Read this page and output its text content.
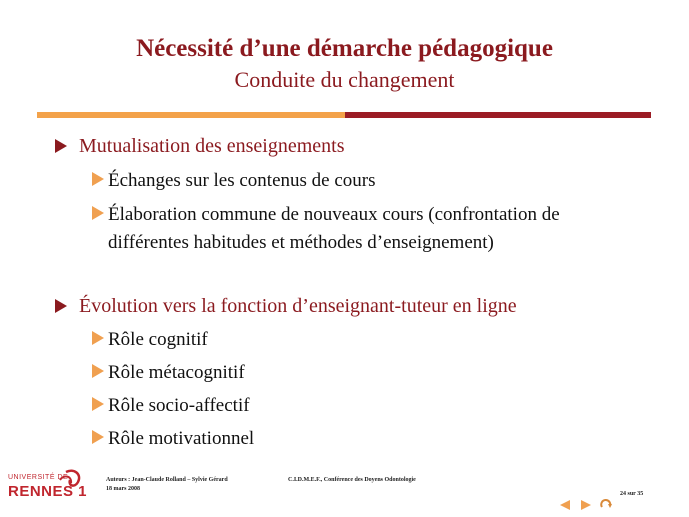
Nécessité d’une démarche pédagogique
Conduite du changement
Mutualisation des enseignements
Échanges sur les contenus de cours
Élaboration commune de nouveaux cours (confrontation de
différentes habitudes et méthodes d’enseignement)
Évolution vers la fonction d’enseignant-tuteur en ligne
Rôle cognitif
Rôle métacognitif
Rôle socio-affectif
Rôle motivationnel
UNIVERSITÉ DE
RENNES 1
Auteurs : Jean-Claude Rolland – Sylvie Gérard
18 mars 2008
C.I.D.M.E.F., Conférence des Doyens Odontologie
24 sur 35
